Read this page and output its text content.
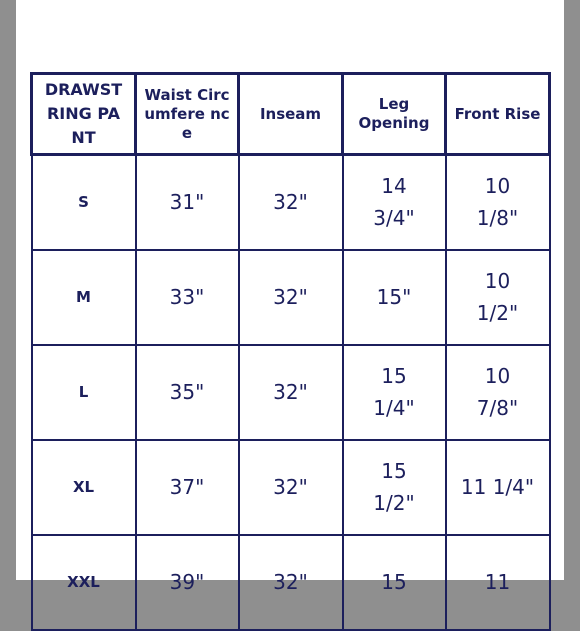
DRAWST RING PANT	Waist Circumfere nce	Inseam	Leg Opening	Front Rise
S	31"	32"	14 3/4"	10 1/8"
M	33"	32"	15"	10 1/2"
L	35"	32"	15 1/4"	10 7/8"
XL	37"	32"	15 1/2"	11 1/4"
XXL	39"	32"	15	11
